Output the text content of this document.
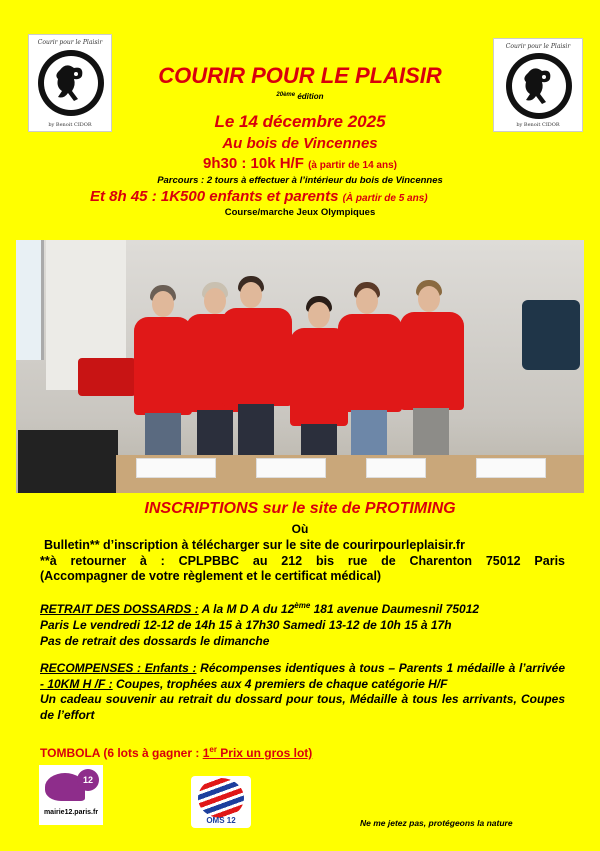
Courir pour le Plaisir
by Benoit CIDOR
Courir pour le Plaisir
by Benoit CIDOR
COURIR POUR LE PLAISIR
$^{20ème}$ édition
Le 14 décembre 2025
Au bois de Vincennes
9h30 : 10k H/F (à partir de 14 ans)
Parcours : 2 tours à effectuer à l’intérieur du bois de Vincennes
Et 8h 45 : 1K500 enfants et parents (À partir de 5 ans)
Course/marche Jeux Olympiques
INSCRIPTIONS sur le site de PROTIMING
Où
Bulletin** d’inscription à télécharger sur le site de courirpourleplaisir.fr
**à retourner à : CPLPBBC au 212 bis rue de Charenton 75012 Paris
(Accompagner de votre règlement et le certificat médical)
RETRAIT DES DOSSARDS : A la M D A du 12ème 181 avenue Daumesnil 75012
Paris Le vendredi 12-12 de 14h 15 à 17h30 Samedi 13-12 de 10h 15 à 17h
Pas de retrait des dossards le dimanche
RECOMPENSES : Enfants : Récompenses identiques à tous – Parents 1 médaille à l’arrivée - 10KM H /F : Coupes, trophées aux 4 premiers de chaque catégorie H/F
Un cadeau souvenir au retrait du dossard pour tous, Médaille à tous les arrivants, Coupes de l’effort
TOMBOLA (6 lots à gagner : 1er Prix un gros lot)
12
mairie12.paris.fr
OMS 12	Ne me jetez pas, protégeons la nature
